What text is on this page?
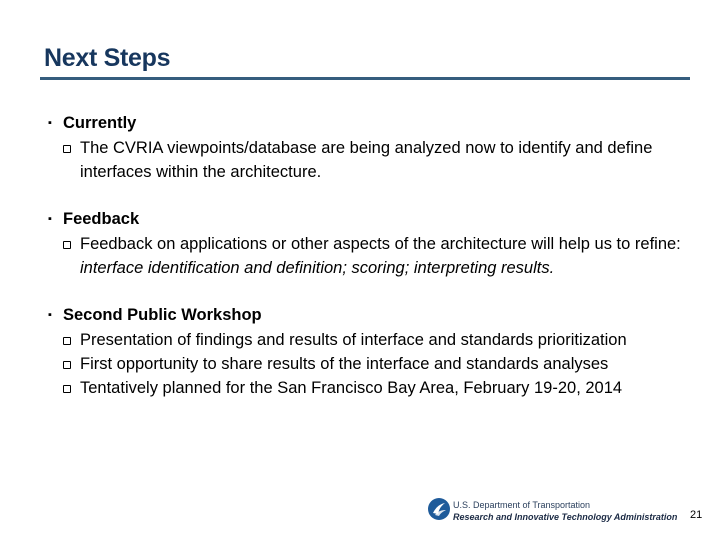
Next Steps
▪ Currently
The CVRIA viewpoints/database are being analyzed now to identify and define interfaces within the architecture.
▪ Feedback
Feedback on applications or other aspects of the architecture will help us to refine: interface identification and definition; scoring; interpreting results.
▪ Second Public Workshop
Presentation of findings and results of interface and standards prioritization
First opportunity to share results of the interface and standards analyses
Tentatively planned for the San Francisco Bay Area, February 19-20, 2014
U.S. Department of Transportation
Research and Innovative Technology Administration 21
